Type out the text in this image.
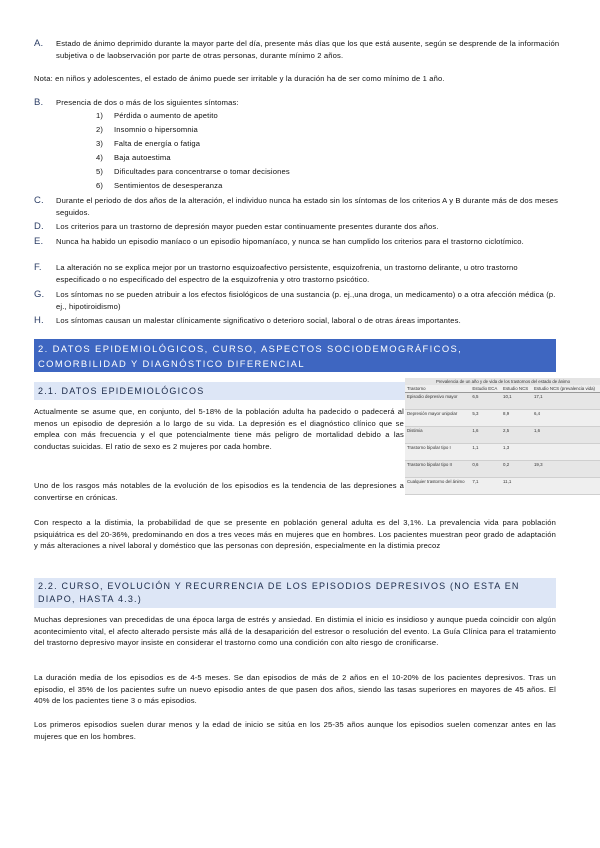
A. Estado de ánimo deprimido durante la mayor parte del día, presente más días que los que está ausente, según se desprende de la información subjetiva o de laobservación por parte de otras personas, durante mínimo 2 años.
Nota: en niños y adolescentes, el estado de ánimo puede ser irritable y la duración ha de ser como mínimo de 1 año.
B. Presencia de dos o más de los siguientes síntomas:
1) Pérdida o aumento de apetito
2) Insomnio o hipersomnia
3) Falta de energía o fatiga
4) Baja autoestima
5) Dificultades para concentrarse o tomar decisiones
6) Sentimientos de desesperanza
C. Durante el periodo de dos años de la alteración, el individuo nunca ha estado sin los síntomas de los criterios A y B durante más de dos meses seguidos.
D. Los criterios para un trastorno de depresión mayor pueden estar continuamente presentes durante dos años.
E. Nunca ha habido un episodio maníaco o un episodio hipomaníaco, y nunca se han cumplido los criterios para el trastorno ciclotímico.
F. La alteración no se explica mejor por un trastorno esquizoafectivo persistente, esquizofrenia, un trastorno delirante, u otro trastorno especificado o no especificado del espectro de la esquizofrenia y otro trastorno psicótico.
G. Los síntomas no se pueden atribuir a los efectos fisiológicos de una sustancia (p. ej.,una droga, un medicamento) o a otra afección médica (p. ej., hipotiroidismo)
H. Los síntomas causan un malestar clínicamente significativo o deterioro social, laboral o de otras áreas importantes.
2. DATOS EPIDEMIOLÓGICOS, CURSO, ASPECTOS SOCIODEMOGRÁFICOS, COMORBILIDAD Y DIAGNÓSTICO DIFERENCIAL
2.1. DATOS EPIDEMIOLÓGICOS
Actualmente se asume que, en conjunto, del 5-18% de la población adulta ha padecido o padecerá al menos un episodio de depresión a lo largo de su vida. La depresión es el diagnóstico clínico que se emplea con más frecuencia y el que potencialmente tiene más peligro de mortalidad debido a las conductas suicidas. El ratio de sexo es 2 mujeres por cada hombre.
Uno de los rasgos más notables de la evolución de los episodios es la tendencia de las depresiones a convertirse en crónicas.
Prevalencia de un año y de vida de los trastornos del estado de ánimo			
Trastorno	Estudio ECA	Estudio NCS	Estudio NCS (prevalencia vida)
Episodio depresivo mayor	6,5	10,1	17,1
Depresión mayor unipolar	5,3	8,9	6,4
Distimia	1,6	2,5	1,6
Trastorno bipolar tipo I	1,1	1,3	
Trastorno bipolar tipo II	0,6	0,2	19,3
Cualquier trastorno del ánimo	7,1	11,1	
Con respecto a la distimia, la probabilidad de que se presente en población general adulta es del 3,1%. La prevalencia vida para población psiquiátrica es del 20-36%, predominando en dos a tres veces más en mujeres que en hombres. Los pacientes muestran peor grado de adaptación y más alteraciones a nivel laboral y doméstico que las personas con depresión, especialmente en la distimia precoz
2.2. CURSO, EVOLUCIÓN Y RECURRENCIA DE LOS EPISODIOS DEPRESIVOS (NO ESTA EN DIAPO, HASTA 4.3.)
Muchas depresiones van precedidas de una época larga de estrés y ansiedad. En distimia el inicio es insidioso y aunque pueda coincidir con algún acontecimiento vital, el afecto alterado persiste más allá de la desaparición del estresor o resolución del evento. La Guía Clínica para el tratamiento del trastorno depresivo mayor insiste en considerar el trastorno como una condición con alto riesgo de cronificarse.
La duración media de los episodios es de 4-5 meses. Se dan episodios de más de 2 años en el 10-20% de los pacientes depresivos. Tras un episodio, el 35% de los pacientes sufre un nuevo episodio antes de que pasen dos años, siendo las tasas superiores en mayores de 45 años. El 40% de los pacientes tiene 3 o más episodios.
Los primeros episodios suelen durar menos y la edad de inicio se sitúa en los 25-35 años aunque los episodios suelen comenzar antes en las mujeres que en los hombres.
